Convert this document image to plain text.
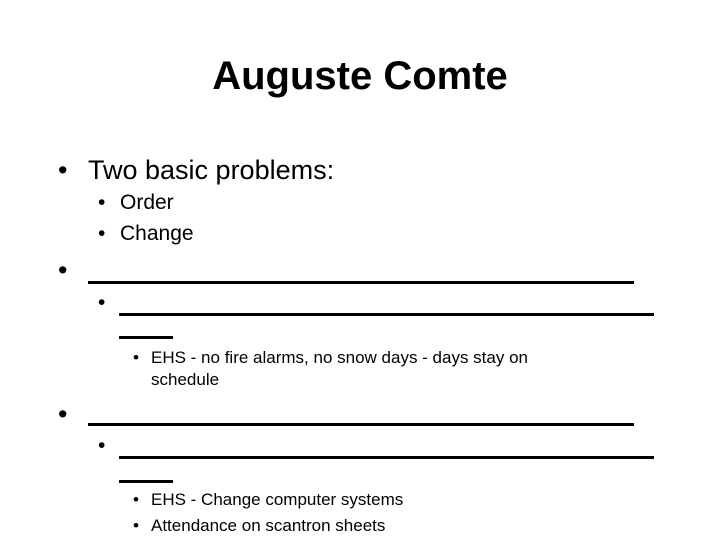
Auguste Comte
• Two basic problems:
• Order
• Change
•
•
• EHS - no fire alarms, no snow days - days stay on
schedule
•
•
• EHS - Change computer systems
• Attendance on scantron sheets
